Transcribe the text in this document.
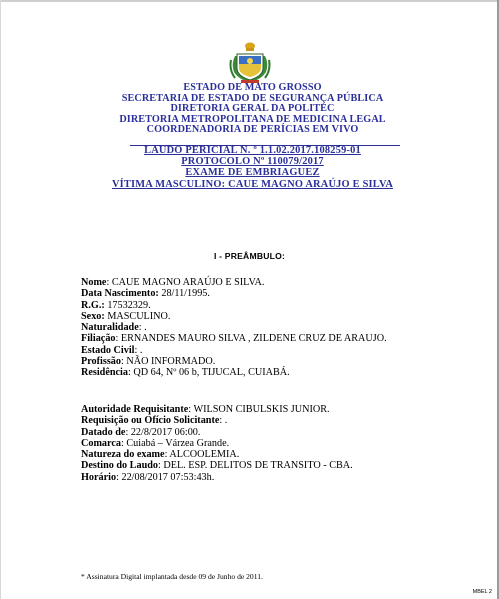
ESTADO DE MATO GROSSO
SECRETARIA DE ESTADO DE SEGURANÇA PÚBLICA
DIRETORIA GERAL DA POLITEC
DIRETORIA METROPOLITANA DE MEDICINA LEGAL
COORDENADORIA DE PERÍCIAS EM VIVO
LAUDO PERICIAL N. º 1.1.02.2017.108259-01
PROTOCOLO Nº 110079/2017
EXAME DE EMBRIAGUEZ
VÍTIMA MASCULINO: CAUE MAGNO ARAÚJO E SILVA
I - PREÂMBULO:
Nome: CAUE MAGNO ARAÚJO E SILVA.
Data Nascimento: 28/11/1995.
R.G.: 17532329.
Sexo: MASCULINO.
Naturalidade: .
Filiação: ERNANDES MAURO SILVA , ZILDENE CRUZ DE ARAUJO.
Estado Civil: .
Profissão: NÃO INFORMADO.
Residência: QD 64, Nº 06 b, TIJUCAL, CUIABÁ.
Autoridade Requisitante: WILSON CIBULSKIS JUNIOR.
Requisição ou Ofício Solicitante: .
Datado de: 22/8/2017 06:00.
Comarca: Cuiabá – Várzea Grande.
Natureza do exame: ALCOOLEMIA.
Destino do Laudo: DEL. ESP. DELITOS DE TRANSITO - CBA.
Horário: 22/08/2017 07:53:43h.
* Assinatura Digital implantada desde 09 de Junho de 2011.
MBEL 2
